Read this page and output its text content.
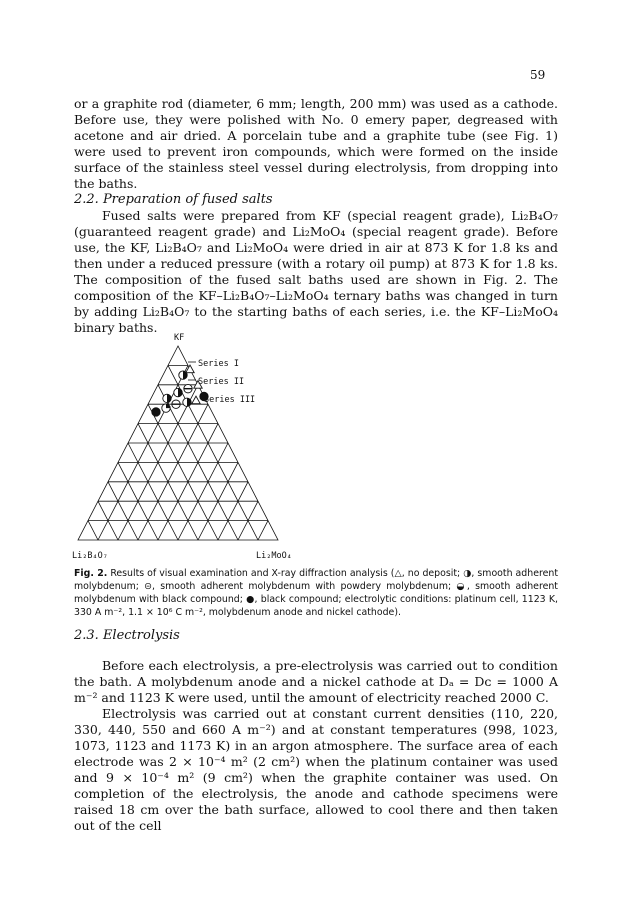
59

or a graphite rod (diameter, 6 mm; length, 200 mm) was used as a cathode. Before use, they were polished with No. 0 emery paper, degreased with acetone and air dried. A porcelain tube and a graphite tube (see Fig. 1) were used to prevent iron compounds, which were formed on the inside surface of the stainless steel vessel during electrolysis, from dropping into the baths.

2.2. Preparation of fused salts

Fused salts were prepared from KF (special reagent grade), Li₂B₄O₇ (guaranteed reagent grade) and Li₂MoO₄ (special reagent grade). Before use, the KF, Li₂B₄O₇ and Li₂MoO₄ were dried in air at 873 K for 1.8 ks and then under a reduced pressure (with a rotary oil pump) at 873 K for 1.8 ks. The composition of the fused salt baths used are shown in Fig. 2. The composition of the KF–Li₂B₄O₇–Li₂MoO₄ ternary baths was changed in turn by adding Li₂B₄O₇ to the starting baths of each series, i.e. the KF–Li₂MoO₄ binary baths.

KF
Li₂B₄O₇	Li₂MoO₄
Series I
Series II
Series III
Fig. 2. Results of visual examination and X-ray diffraction analysis (△, no deposit; ◑, smooth adherent molybdenum; ⊝, smooth adherent molybdenum with powdery molybdenum; ◒, smooth adherent molybdenum with black compound; ●, black compound; electrolytic conditions: platinum cell, 1123 K, 330 A m⁻², 1.1 × 10⁶ C m⁻², molybdenum anode and nickel cathode).

2.3. Electrolysis

Before each electrolysis, a pre-electrolysis was carried out to condition the bath. A molybdenum anode and a nickel cathode at Dₐ = Dᴄ = 1000 A m⁻² and 1123 K were used, until the amount of electricity reached 2000 C.

Electrolysis was carried out at constant current densities (110, 220, 330, 440, 550 and 660 A m⁻²) and at constant temperatures (998, 1023, 1073, 1123 and 1173 K) in an argon atmosphere. The surface area of each electrode was 2 × 10⁻⁴ m² (2 cm²) when the platinum container was used and 9 × 10⁻⁴ m² (9 cm²) when the graphite container was used. On completion of the electrolysis, the anode and cathode specimens were raised 18 cm over the bath surface, allowed to cool there and then taken out of the cell
